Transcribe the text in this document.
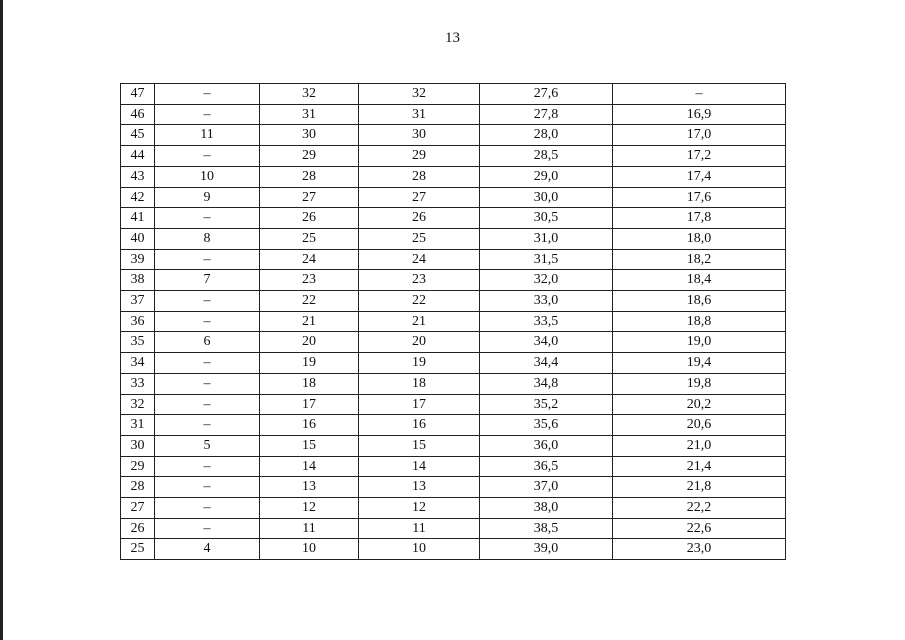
13
47	–	32	32	27,6	–
46	–	31	31	27,8	16,9
45	11	30	30	28,0	17,0
44	–	29	29	28,5	17,2
43	10	28	28	29,0	17,4
42	9	27	27	30,0	17,6
41	–	26	26	30,5	17,8
40	8	25	25	31,0	18,0
39	–	24	24	31,5	18,2
38	7	23	23	32,0	18,4
37	–	22	22	33,0	18,6
36	–	21	21	33,5	18,8
35	6	20	20	34,0	19,0
34	–	19	19	34,4	19,4
33	–	18	18	34,8	19,8
32	–	17	17	35,2	20,2
31	–	16	16	35,6	20,6
30	5	15	15	36,0	21,0
29	–	14	14	36,5	21,4
28	–	13	13	37,0	21,8
27	–	12	12	38,0	22,2
26	–	11	11	38,5	22,6
25	4	10	10	39,0	23,0
